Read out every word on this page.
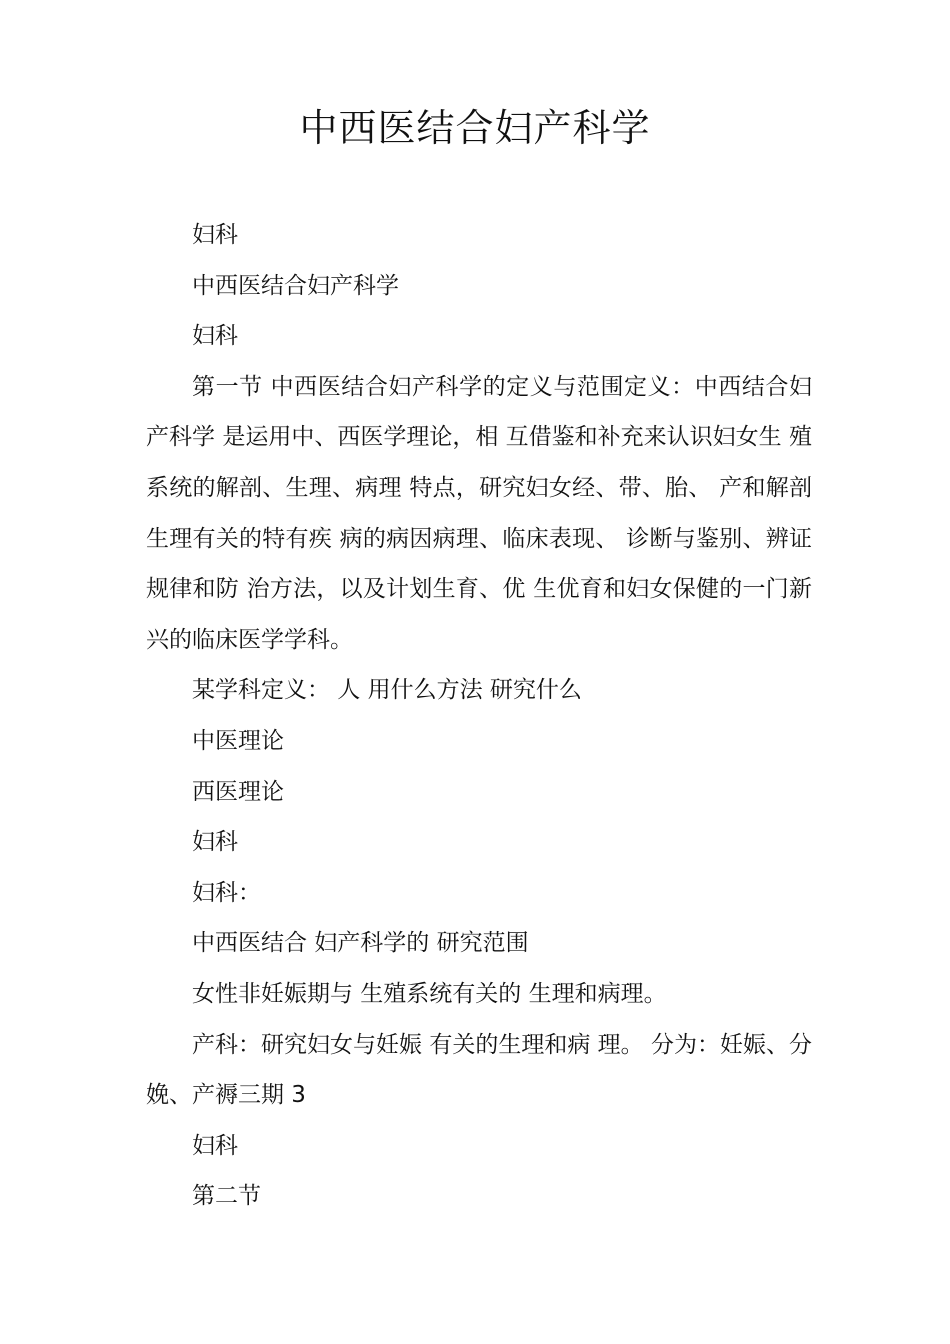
中西医结合妇产科学

妇科

中西医结合妇产科学

妇科

第一节 中西医结合妇产科学的定义与范围定义：中西结合妇产科学 是运用中、西医学理论，相 互借鉴和补充来认识妇女生 殖系统的解剖、生理、病理 特点，研究妇女经、带、胎、 产和解剖生理有关的特有疾 病的病因病理、临床表现、 诊断与鉴别、辨证规律和防 治方法，以及计划生育、优 生优育和妇女保健的一门新 兴的临床医学学科。

某学科定义： 人 用什么方法 研究什么

中医理论

西医理论

妇科

妇科：

中西医结合 妇产科学的 研究范围

女性非妊娠期与 生殖系统有关的 生理和病理。

产科：研究妇女与妊娠 有关的生理和病 理。 分为：妊娠、分 娩、产褥三期 3

妇科

第二节
